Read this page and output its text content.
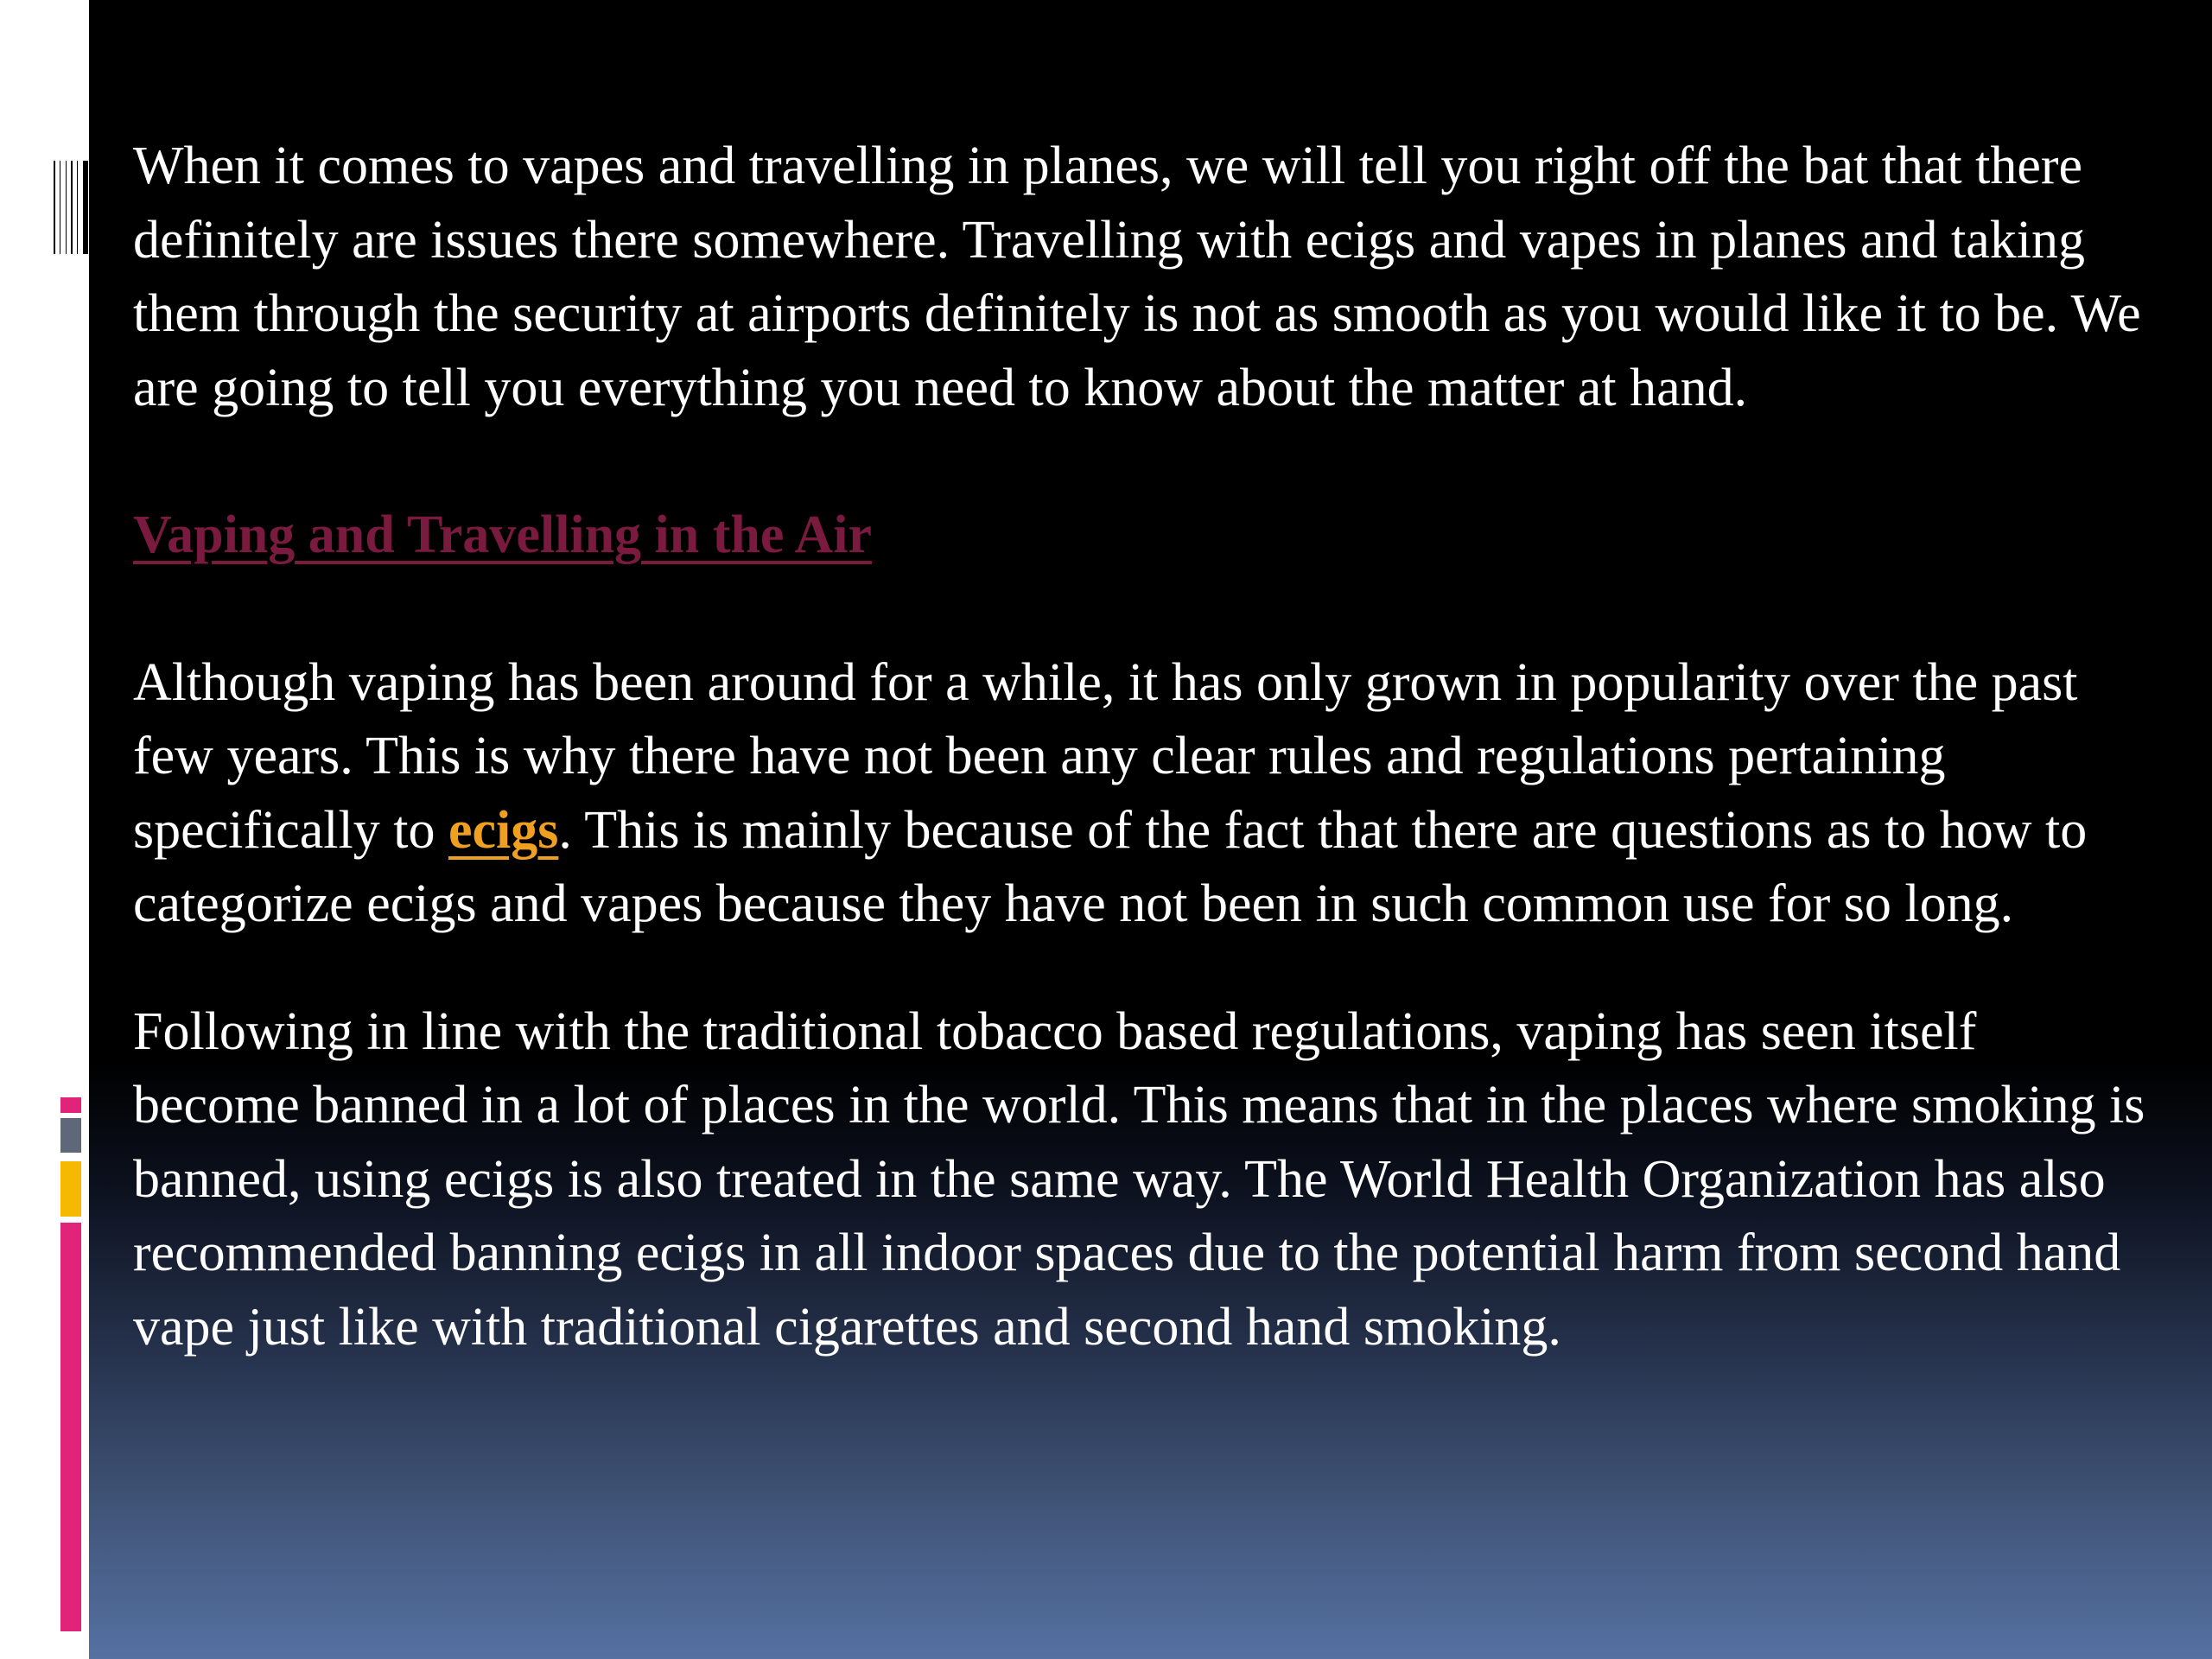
When it comes to vapes and travelling in planes, we will tell you right off the bat that there definitely are issues there somewhere. Travelling with ecigs and vapes in planes and taking them through the security at airports definitely is not as smooth as you would like it to be. We are going to tell you everything you need to know about the matter at hand.

Vaping and Travelling in the Air

Although vaping has been around for a while, it has only grown in popularity over the past few years. This is why there have not been any clear rules and regulations pertaining specifically to ecigs. This is mainly because of the fact that there are questions as to how to categorize ecigs and vapes because they have not been in such common use for so long.

Following in line with the traditional tobacco based regulations, vaping has seen itself become banned in a lot of places in the world. This means that in the places where smoking is banned, using ecigs is also treated in the same way. The World Health Organization has also recommended banning ecigs in all indoor spaces due to the potential harm from second hand vape just like with traditional cigarettes and second hand smoking.
